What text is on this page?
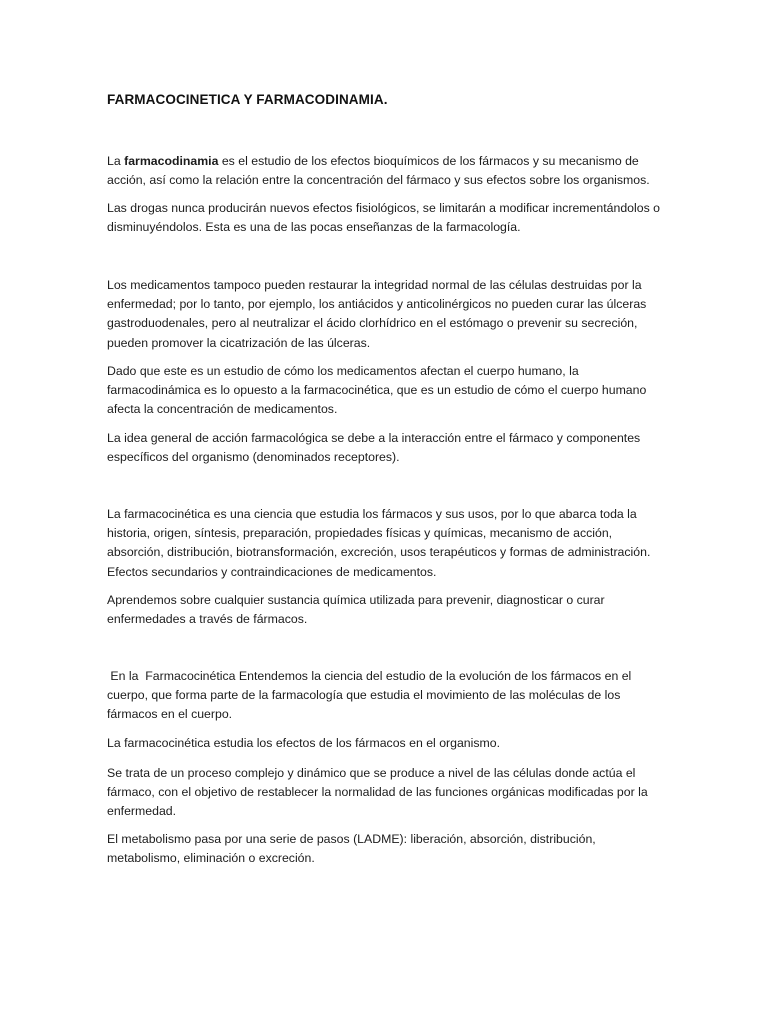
FARMACOCINETICA Y FARMACODINAMIA.

La farmacodinamia es el estudio de los efectos bioquímicos de los fármacos y su mecanismo de acción, así como la relación entre la concentración del fármaco y sus efectos sobre los organismos.

Las drogas nunca producirán nuevos efectos fisiológicos, se limitarán a modificar incrementándolos o disminuyéndolos. Esta es una de las pocas enseñanzas de la farmacología.

Los medicamentos tampoco pueden restaurar la integridad normal de las células destruidas por la enfermedad; por lo tanto, por ejemplo, los antiácidos y anticolinérgicos no pueden curar las úlceras gastroduodenales, pero al neutralizar el ácido clorhídrico en el estómago o prevenir su secreción, pueden promover la cicatrización de las úlceras.

Dado que este es un estudio de cómo los medicamentos afectan el cuerpo humano, la farmacodinámica es lo opuesto a la farmacocinética, que es un estudio de cómo el cuerpo humano afecta la concentración de medicamentos.

La idea general de acción farmacológica se debe a la interacción entre el fármaco y componentes específicos del organismo (denominados receptores).

La farmacocinética es una ciencia que estudia los fármacos y sus usos, por lo que abarca toda la historia, origen, síntesis, preparación, propiedades físicas y químicas, mecanismo de acción, absorción, distribución, biotransformación, excreción, usos terapéuticos y formas de administración. Efectos secundarios y contraindicaciones de medicamentos.

Aprendemos sobre cualquier sustancia química utilizada para prevenir, diagnosticar o curar enfermedades a través de fármacos.

En la  Farmacocinética Entendemos la ciencia del estudio de la evolución de los fármacos en el cuerpo, que forma parte de la farmacología que estudia el movimiento de las moléculas de los fármacos en el cuerpo.

La farmacocinética estudia los efectos de los fármacos en el organismo.

Se trata de un proceso complejo y dinámico que se produce a nivel de las células donde actúa el fármaco, con el objetivo de restablecer la normalidad de las funciones orgánicas modificadas por la enfermedad.

El metabolismo pasa por una serie de pasos (LADME): liberación, absorción, distribución, metabolismo, eliminación o excreción.
